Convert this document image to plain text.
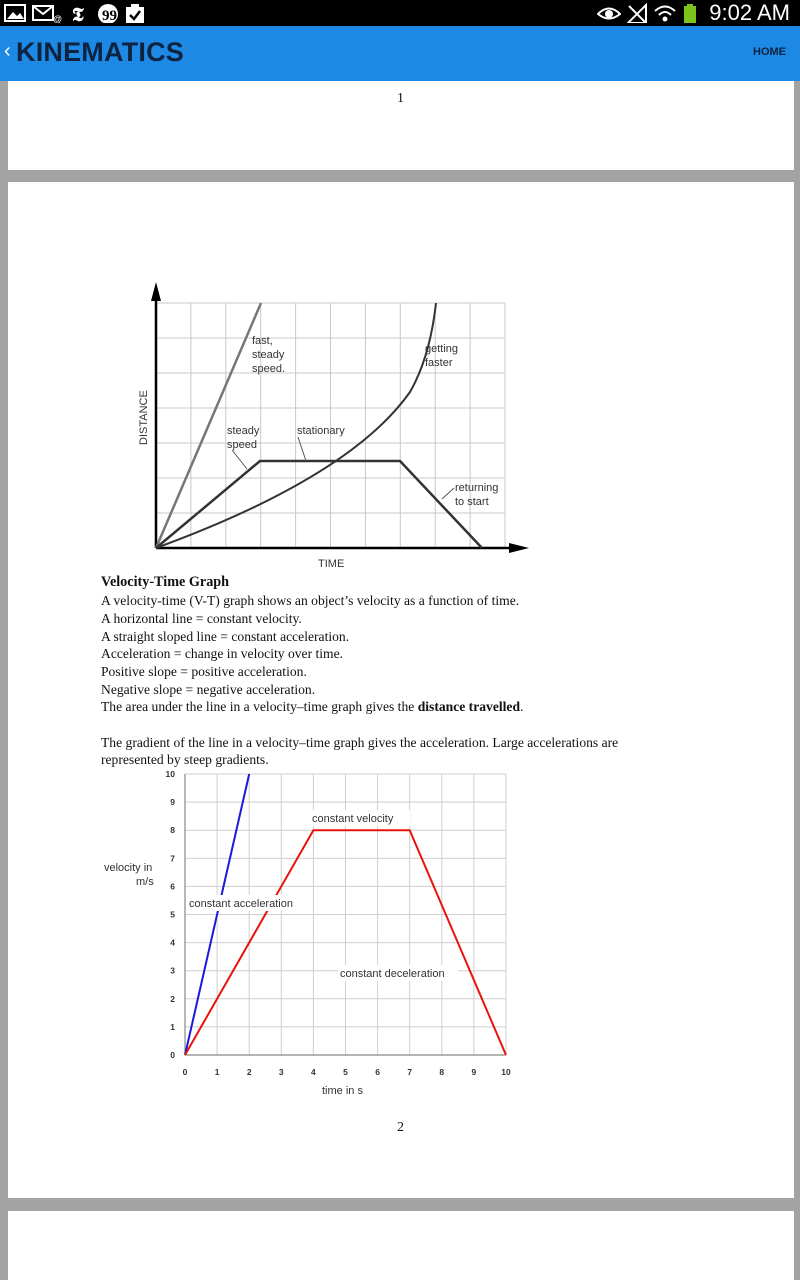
@ 𝕿 99	9:02 AM
‹ KINEMATICS	HOME
1
DISTANCE
TIME
fast,
steady
speed.
getting
faster
steady
speed
stationary
returning
to start
Velocity-Time Graph
A velocity-time (V-T) graph shows an object’s velocity as a function of time.
A horizontal line = constant velocity.
A straight sloped line = constant acceleration.
Acceleration = change in velocity over time.
Positive slope = positive acceleration.
Negative slope = negative acceleration.
The area under the line in a velocity–time graph gives the distance travelled.
The gradient of the line in a velocity–time graph gives the acceleration. Large accelerations are
represented by steep gradients.
0	1	2	3	4	5	6	7	8	9	10
0
1
2
3
4
5
6
7
8
9
10
velocity in
m/s
time in s
constant velocity
constant acceleration
constant deceleration
2
